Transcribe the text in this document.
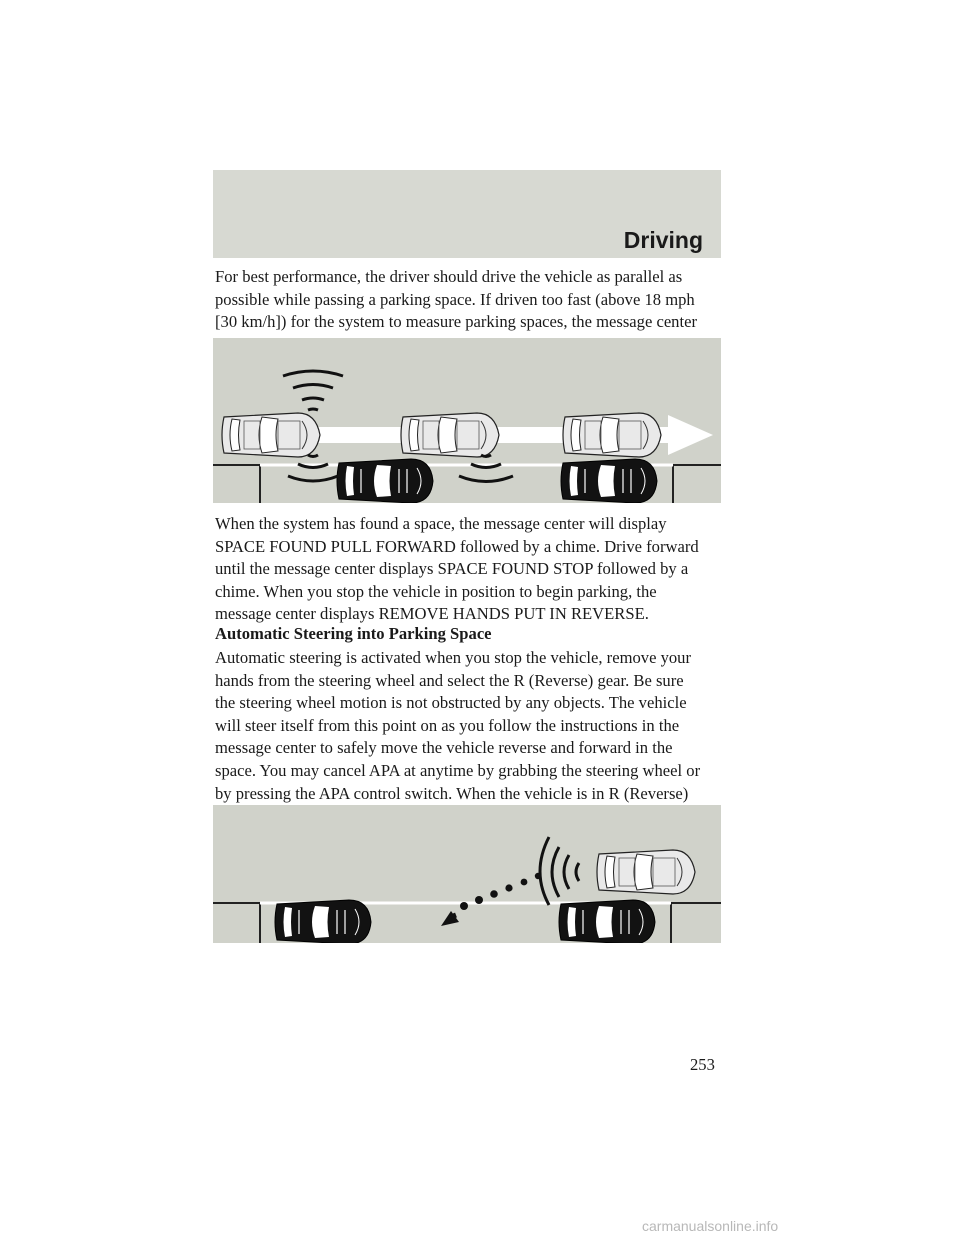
Driving

For best performance, the driver should drive the vehicle as parallel as
possible while passing a parking space. If driven too fast (above 18 mph
[30 km/h]) for the system to measure parking spaces, the message center

When the system has found a space, the message center will display
SPACE FOUND PULL FORWARD followed by a chime. Drive forward
until the message center displays SPACE FOUND STOP followed by a
chime. When you stop the vehicle in position to begin parking, the
message center displays REMOVE HANDS PUT IN REVERSE.

Automatic Steering into Parking Space

Automatic steering is activated when you stop the vehicle, remove your
hands from the steering wheel and select the R (Reverse) gear. Be sure
the steering wheel motion is not obstructed by any objects. The vehicle
will steer itself from this point on as you follow the instructions in the
message center to safely move the vehicle reverse and forward in the
space. You may cancel APA at anytime by grabbing the steering wheel or
by pressing the APA control switch. When the vehicle is in R (Reverse)

253
carmanualsonline.info
